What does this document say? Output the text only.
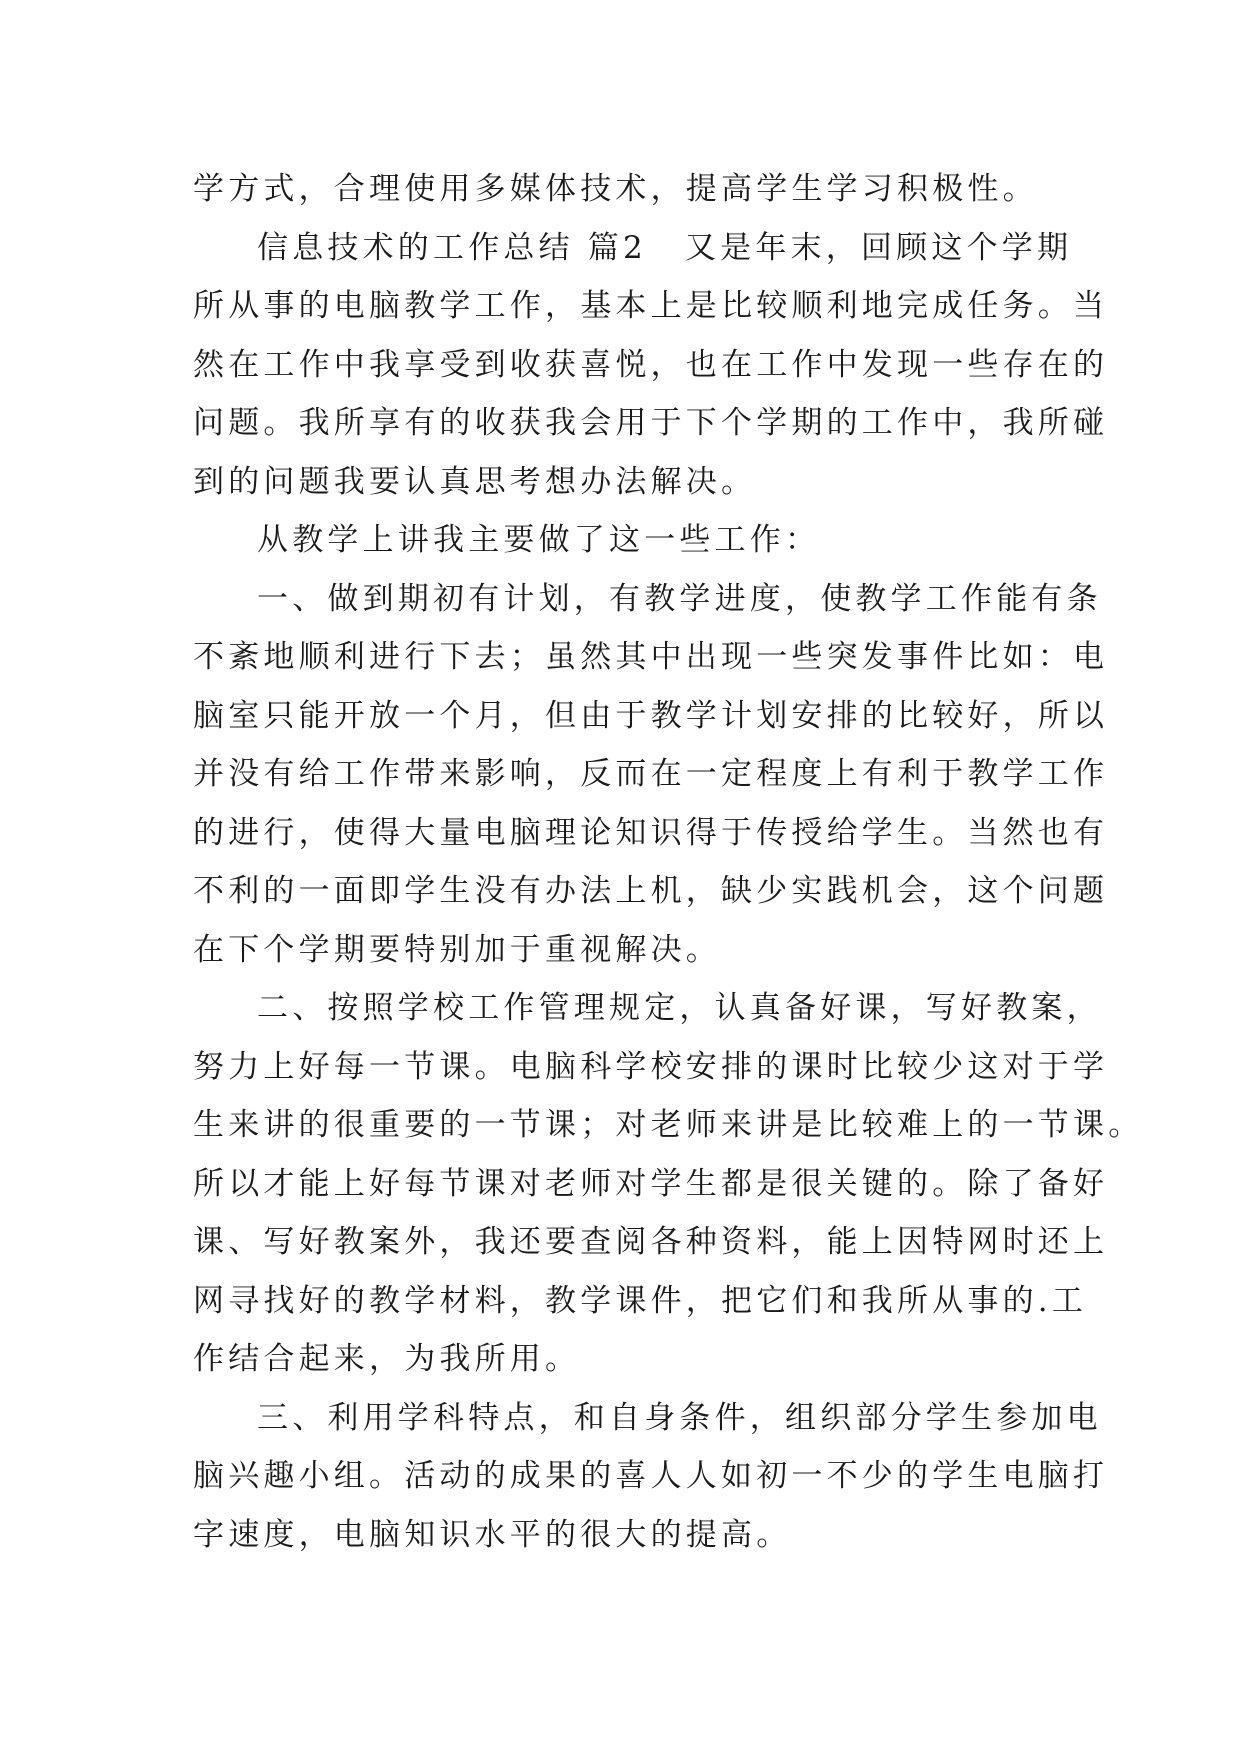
学方式，合理使用多媒体技术，提高学生学习积极性。
信息技术的工作总结 篇2 又是年末，回顾这个学期
所从事的电脑教学工作，基本上是比较顺利地完成任务。当
然在工作中我享受到收获喜悦，也在工作中发现一些存在的
问题。我所享有的收获我会用于下个学期的工作中，我所碰
到的问题我要认真思考想办法解决。
从教学上讲我主要做了这一些工作：
一、做到期初有计划，有教学进度，使教学工作能有条
不紊地顺利进行下去；虽然其中出现一些突发事件比如：电
脑室只能开放一个月，但由于教学计划安排的比较好，所以
并没有给工作带来影响，反而在一定程度上有利于教学工作
的进行，使得大量电脑理论知识得于传授给学生。当然也有
不利的一面即学生没有办法上机，缺少实践机会，这个问题
在下个学期要特别加于重视解决。
二、按照学校工作管理规定，认真备好课，写好教案，
努力上好每一节课。电脑科学校安排的课时比较少这对于学
生来讲的很重要的一节课；对老师来讲是比较难上的一节课。
所以才能上好每节课对老师对学生都是很关键的。除了备好
课、写好教案外，我还要查阅各种资料，能上因特网时还上
网寻找好的教学材料，教学课件，把它们和我所从事的.工
作结合起来，为我所用。
三、利用学科特点，和自身条件，组织部分学生参加电
脑兴趣小组。活动的成果的喜人人如初一不少的学生电脑打
字速度，电脑知识水平的很大的提高。
